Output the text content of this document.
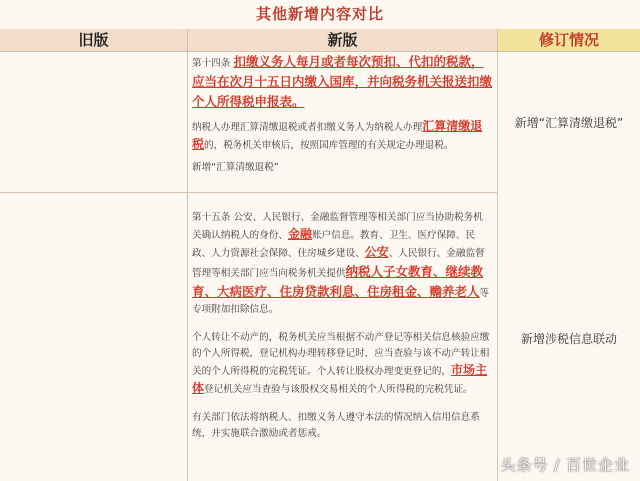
其他新增内容对比
旧版	新版	修订情况

第十四条 扣缴义务人每月或者每次预扣、代扣的税款，应当在次月十五日内缴入国库，并向税务机关报送扣缴个人所得税申报表。

纳税人办理汇算清缴退税或者扣缴义务人为纳税人办理汇算清缴退税的，税务机关审核后，按照国库管理的有关规定办理退税。

新增“汇算清缴退税”

新增“汇算清缴退税”

第十五条 公安、人民银行、金融监督管理等相关部门应当协助税务机关确认纳税人的身份、金融账户信息。教育、卫生、医疗保障、民政、人力资源社会保障、住房城乡建设、公安、人民银行、金融监督管理等相关部门应当向税务机关提供纳税人子女教育、继续教育、大病医疗、住房贷款利息、住房租金、赡养老人等专项附加扣除信息。

个人转让不动产的，税务机关应当根据不动产登记等相关信息核验应缴的个人所得税，登记机构办理转移登记时，应当查验与该不动产转让相关的个人所得税的完税凭证。个人转让股权办理变更登记的，市场主体登记机关应当查验与该股权交易相关的个人所得税的完税凭证。

有关部门依法将纳税人、扣缴义务人遵守本法的情况纳入信用信息系统，并实施联合激励或者惩戒。

新增涉税信息联动
头条号 / 百世企业
